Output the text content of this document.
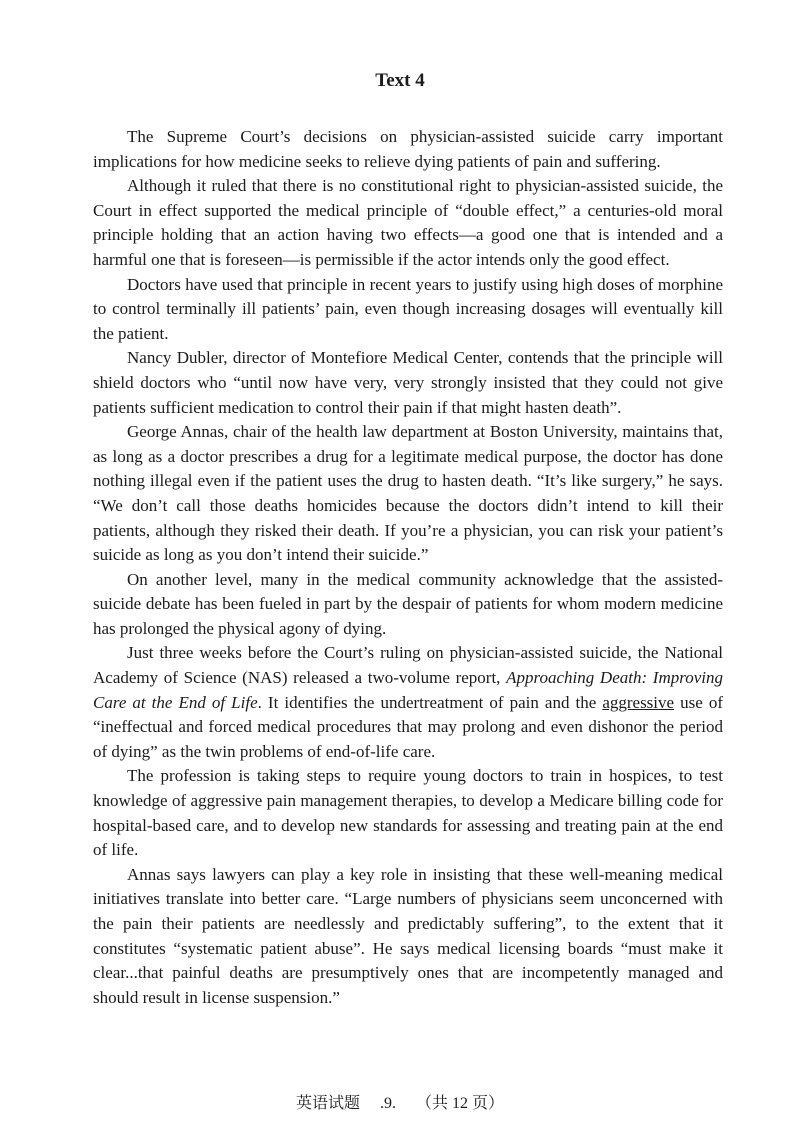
Text 4

The Supreme Court’s decisions on physician-assisted suicide carry important implications for how medicine seeks to relieve dying patients of pain and suffering.

Although it ruled that there is no constitutional right to physician-assisted suicide, the Court in effect supported the medical principle of “double effect,” a centuries-old moral principle holding that an action having two effects—a good one that is intended and a harmful one that is foreseen—is permissible if the actor intends only the good effect.

Doctors have used that principle in recent years to justify using high doses of morphine to control terminally ill patients’ pain, even though increasing dosages will eventually kill the patient.

Nancy Dubler, director of Montefiore Medical Center, contends that the principle will shield doctors who “until now have very, very strongly insisted that they could not give patients sufficient medication to control their pain if that might hasten death”.

George Annas, chair of the health law department at Boston University, maintains that, as long as a doctor prescribes a drug for a legitimate medical purpose, the doctor has done nothing illegal even if the patient uses the drug to hasten death. “It’s like surgery,” he says. “We don’t call those deaths homicides because the doctors didn’t intend to kill their patients, although they risked their death. If you’re a physician, you can risk your patient’s suicide as long as you don’t intend their suicide.”

On another level, many in the medical community acknowledge that the assisted-suicide debate has been fueled in part by the despair of patients for whom modern medicine has prolonged the physical agony of dying.

Just three weeks before the Court’s ruling on physician-assisted suicide, the National Academy of Science (NAS) released a two-volume report, Approaching Death: Improving Care at the End of Life. It identifies the undertreatment of pain and the aggressive use of “ineffectual and forced medical procedures that may prolong and even dishonor the period of dying” as the twin problems of end-of-life care.

The profession is taking steps to require young doctors to train in hospices, to test knowledge of aggressive pain management therapies, to develop a Medicare billing code for hospital-based care, and to develop new standards for assessing and treating pain at the end of life.

Annas says lawyers can play a key role in insisting that these well-meaning medical initiatives translate into better care. “Large numbers of physicians seem unconcerned with the pain their patients are needlessly and predictably suffering”, to the extent that it constitutes “systematic patient abuse”. He says medical licensing boards “must make it clear...that painful deaths are presumptively ones that are incompetently managed and should result in license suspension.”

英语试题 .9. （共 12 页）
